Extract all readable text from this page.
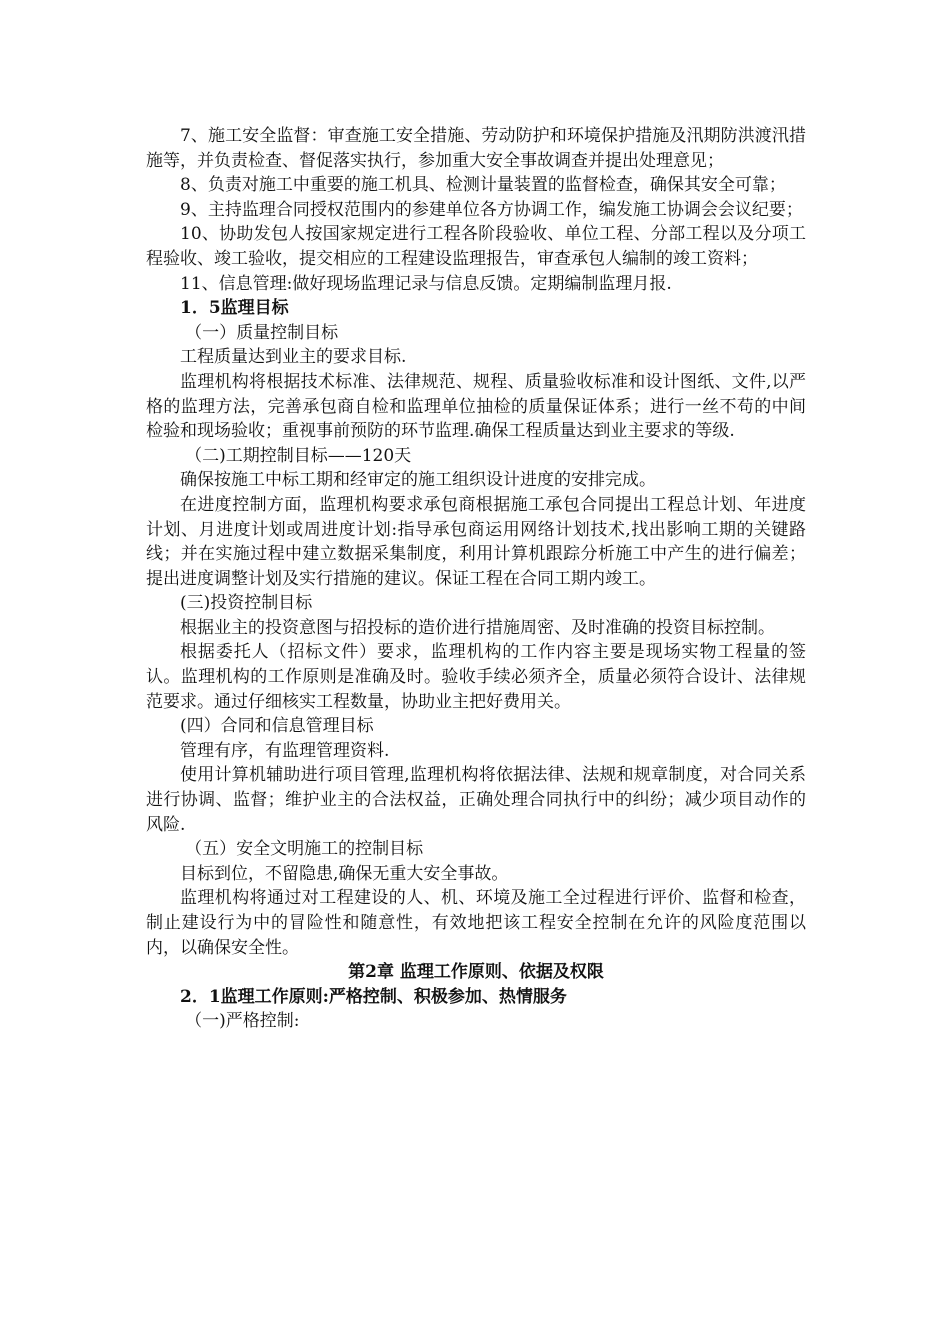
7、施工安全监督：审查施工安全措施、劳动防护和环境保护措施及汛期防洪渡汛措施等，并负责检查、督促落实执行，参加重大安全事故调查并提出处理意见；

8、负责对施工中重要的施工机具、检测计量装置的监督检查，确保其安全可靠；

9、主持监理合同授权范围内的参建单位各方协调工作，编发施工协调会会议纪要；

10、协助发包人按国家规定进行工程各阶段验收、单位工程、分部工程以及分项工程验收、竣工验收，提交相应的工程建设监理报告，审查承包人编制的竣工资料；

11、信息管理:做好现场监理记录与信息反馈。定期编制监理月报.

1．5监理目标

（一）质量控制目标

工程质量达到业主的要求目标.

监理机构将根据技术标准、法律规范、规程、质量验收标准和设计图纸、文件,以严格的监理方法，完善承包商自检和监理单位抽检的质量保证体系；进行一丝不苟的中间检验和现场验收；重视事前预防的环节监理.确保工程质量达到业主要求的等级.

（二)工期控制目标——120天

确保按施工中标工期和经审定的施工组织设计进度的安排完成。

在进度控制方面，监理机构要求承包商根据施工承包合同提出工程总计划、年进度计划、月进度计划或周进度计划:指导承包商运用网络计划技术,找出影响工期的关键路线；并在实施过程中建立数据采集制度，利用计算机跟踪分析施工中产生的进行偏差；提出进度调整计划及实行措施的建议。保证工程在合同工期内竣工。

(三)投资控制目标

根据业主的投资意图与招投标的造价进行措施周密、及时准确的投资目标控制。

根据委托人（招标文件）要求，监理机构的工作内容主要是现场实物工程量的签认。监理机构的工作原则是准确及时。验收手续必须齐全，质量必须符合设计、法律规范要求。通过仔细核实工程数量，协助业主把好费用关。

(四）合同和信息管理目标

管理有序，有监理管理资料.

使用计算机辅助进行项目管理,监理机构将依据法律、法规和规章制度，对合同关系进行协调、监督；维护业主的合法权益，正确处理合同执行中的纠纷；减少项目动作的风险.

（五）安全文明施工的控制目标

目标到位，不留隐患,确保无重大安全事故。

监理机构将通过对工程建设的人、机、环境及施工全过程进行评价、监督和检查，制止建设行为中的冒险性和随意性，有效地把该工程安全控制在允许的风险度范围以内，以确保安全性。

第2章 监理工作原则、依据及权限
2．1监理工作原则:严格控制、积极参加、热情服务

（一)严格控制:
